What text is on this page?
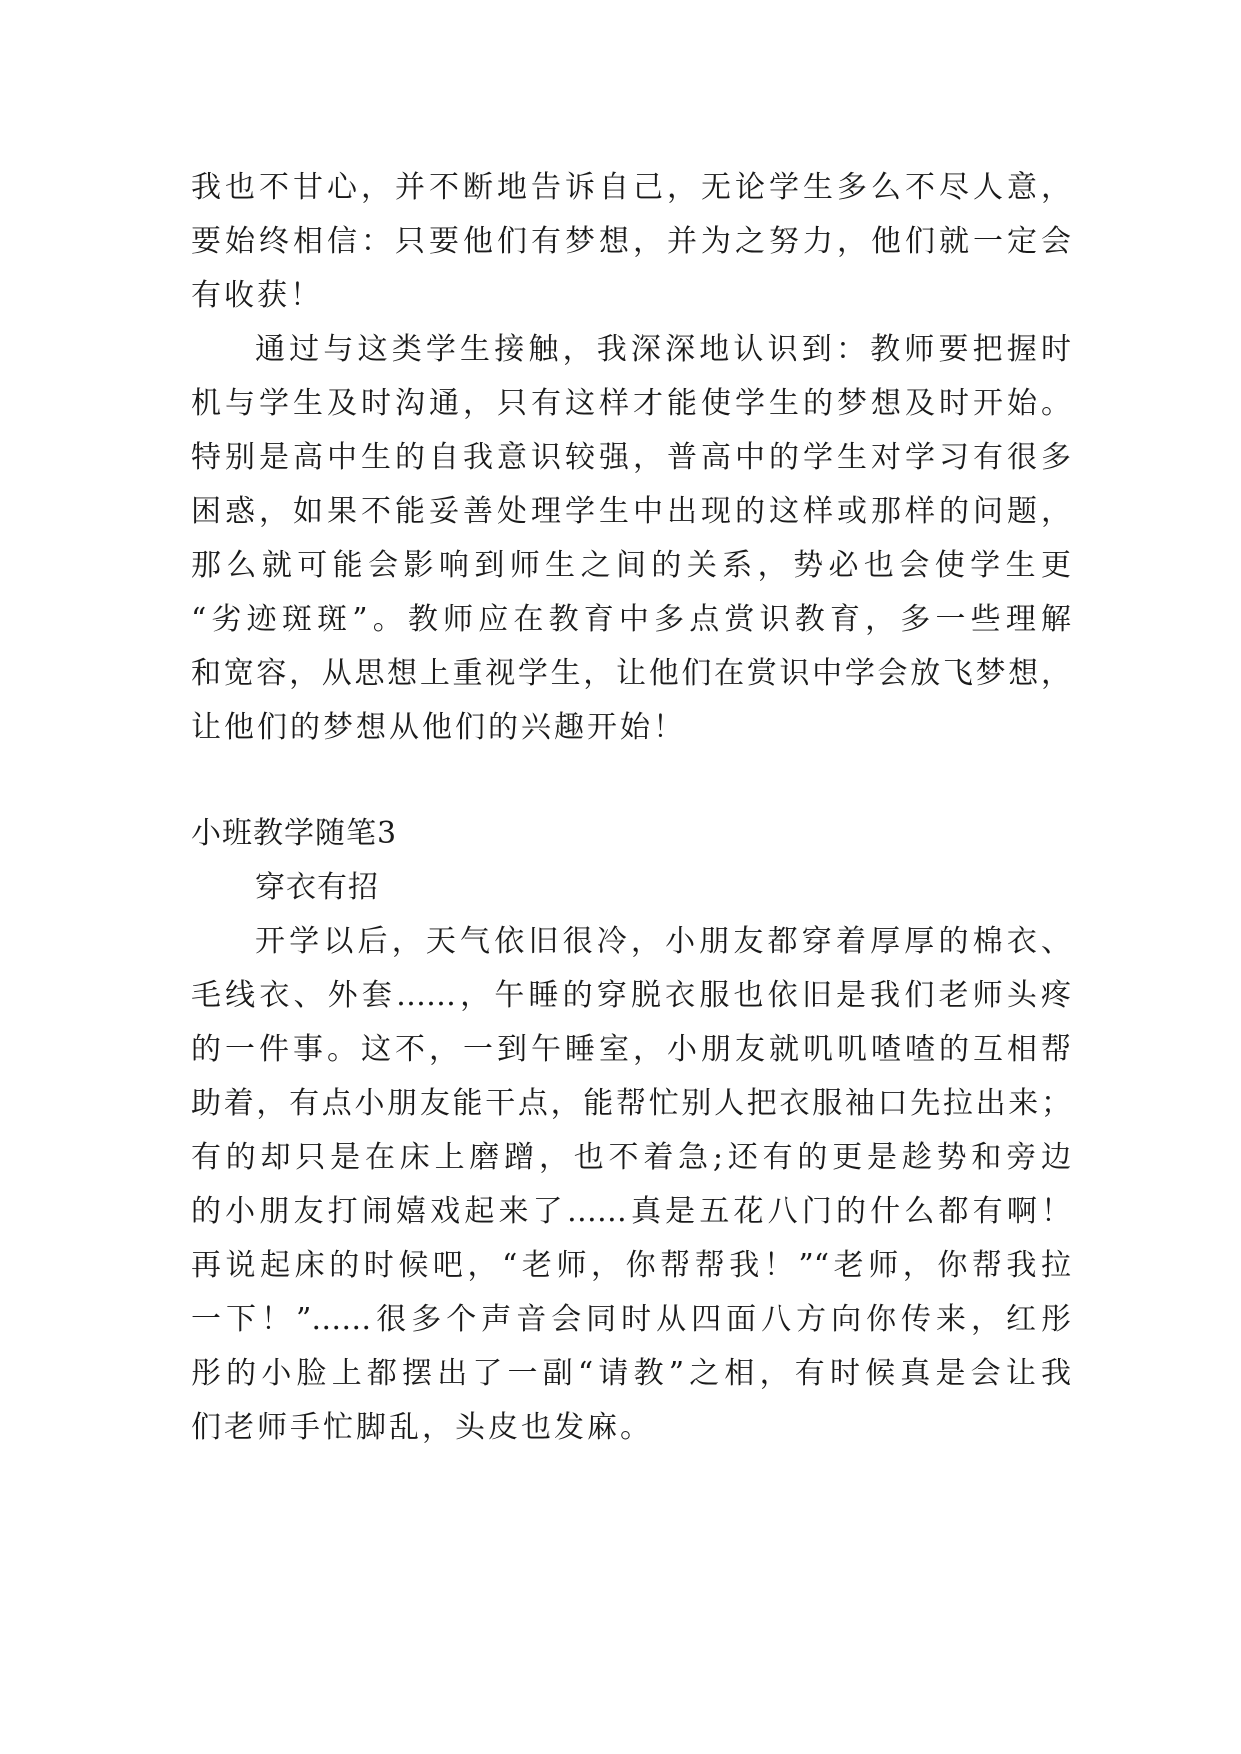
我也不甘心，并不断地告诉自己，无论学生多么不尽人意，
要始终相信：只要他们有梦想，并为之努力，他们就一定会
有收获！
通过与这类学生接触，我深深地认识到：教师要把握时
机与学生及时沟通，只有这样才能使学生的梦想及时开始。
特别是高中生的自我意识较强，普高中的学生对学习有很多
困惑，如果不能妥善处理学生中出现的这样或那样的问题，
那么就可能会影响到师生之间的关系，势必也会使学生更
“劣迹斑斑”。教师应在教育中多点赏识教育，多一些理解
和宽容，从思想上重视学生，让他们在赏识中学会放飞梦想，
让他们的梦想从他们的兴趣开始！
小班教学随笔3
穿衣有招
开学以后，天气依旧很冷，小朋友都穿着厚厚的棉衣、
毛线衣、外套……，午睡的穿脱衣服也依旧是我们老师头疼
的一件事。这不，一到午睡室，小朋友就叽叽喳喳的互相帮
助着，有点小朋友能干点，能帮忙别人把衣服袖口先拉出来；
有的却只是在床上磨蹭，也不着急;还有的更是趁势和旁边
的小朋友打闹嬉戏起来了……真是五花八门的什么都有啊！
再说起床的时候吧，“老师，你帮帮我！”“老师，你帮我拉
一下！”……很多个声音会同时从四面八方向你传来，红彤
彤的小脸上都摆出了一副“请教”之相，有时候真是会让我
们老师手忙脚乱，头皮也发麻。
